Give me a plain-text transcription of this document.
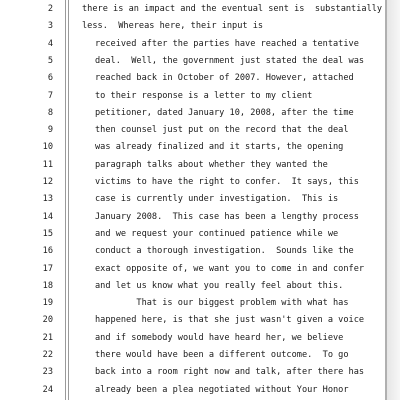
2	there is an impact and the eventual sent is  substantially
3	less.  Whereas here, their input is
4	received after the parties have reached a tentative
5	deal.  Well, the government just stated the deal was
6	reached back in October of 2007. However, attached
7	to their response is a letter to my client
8	petitioner, dated January 10, 2008, after the time
9	then counsel just put on the record that the deal
10	was already finalized and it starts, the opening
11	paragraph talks about whether they wanted the
12	victims to have the right to confer.  It says, this
13	case is currently under investigation.  This is
14	January 2008.  This case has been a lengthy process
15	and we request your continued patience while we
16	conduct a thorough investigation.  Sounds like the
17	exact opposite of, we want you to come in and confer
18	and let us know what you really feel about this.
19	That is our biggest problem with what has
20	happened here, is that she just wasn't given a voice
21	and if somebody would have heard her, we believe
22	there would have been a different outcome.  To go
23	back into a room right now and talk, after there has
24	already been a plea negotiated without Your Honor
